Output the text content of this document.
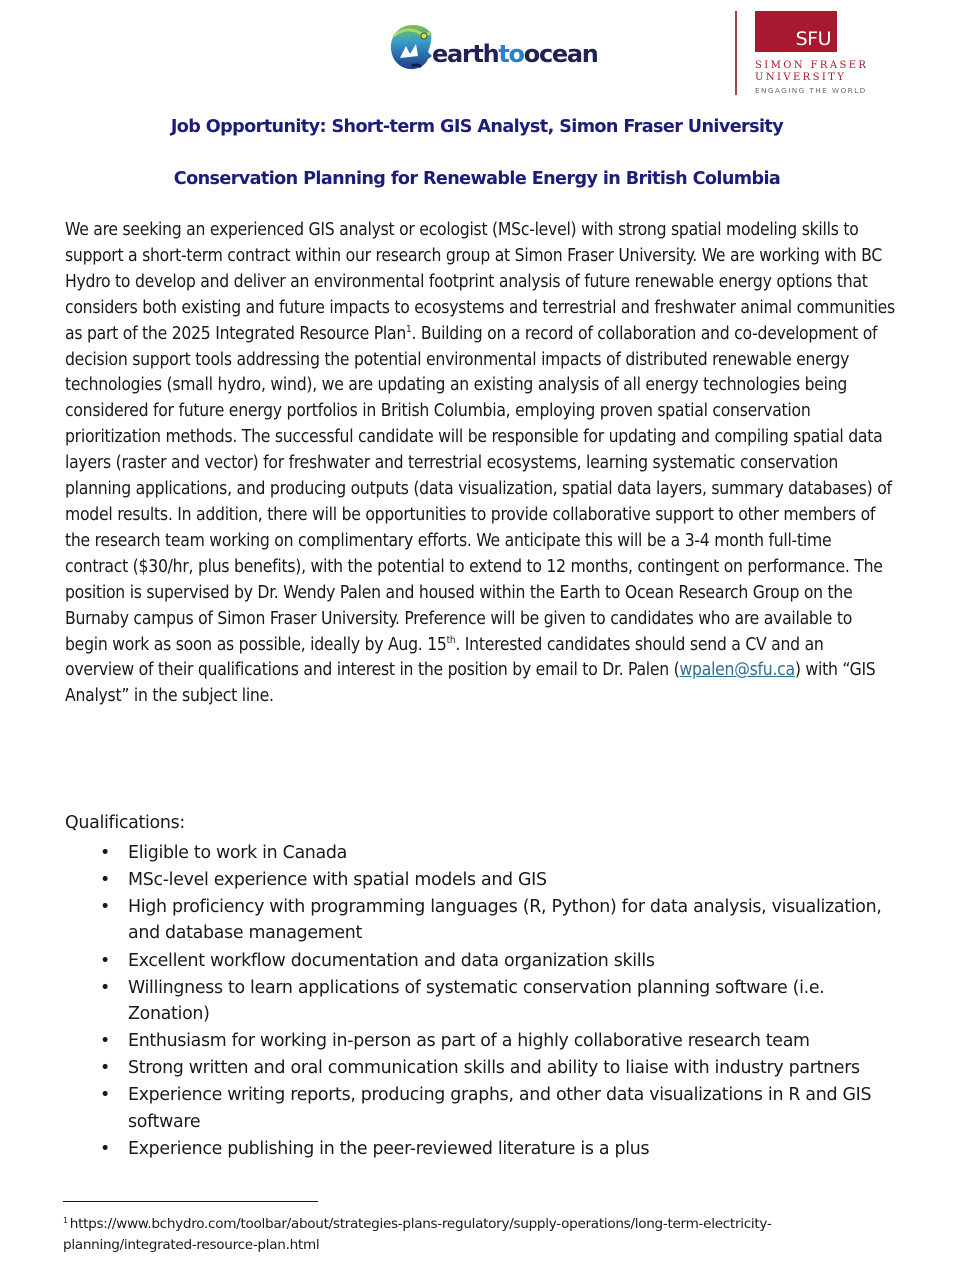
earthtoocean
SFU
SIMON FRASER
UNIVERSITY
ENGAGING THE WORLD
Job Opportunity: Short-term GIS Analyst, Simon Fraser University
Conservation Planning for Renewable Energy in British Columbia

We are seeking an experienced GIS analyst or ecologist (MSc-level) with strong spatial modeling skills to support a short-term contract within our research group at Simon Fraser University. We are working with BC Hydro to develop and deliver an environmental footprint analysis of future renewable energy options that considers both existing and future impacts to ecosystems and terrestrial and freshwater animal communities as part of the 2025 Integrated Resource Plan$^1$. Building on a record of collaboration and co-development of decision support tools addressing the potential environmental impacts of distributed renewable energy technologies (small hydro, wind), we are updating an existing analysis of all energy technologies being considered for future energy portfolios in British Columbia, employing proven spatial conservation prioritization methods. The successful candidate will be responsible for updating and compiling spatial data layers (raster and vector) for freshwater and terrestrial ecosystems, learning systematic conservation planning applications, and producing outputs (data visualization, spatial data layers, summary databases) of model results. In addition, there will be opportunities to provide collaborative support to other members of the research team working on complimentary efforts. We anticipate this will be a 3-4 month full-time contract ($30/hr, plus benefits), with the potential to extend to 12 months, contingent on performance. The position is supervised by Dr. Wendy Palen and housed within the Earth to Ocean Research Group on the Burnaby campus of Simon Fraser University. Preference will be given to candidates who are available to begin work as soon as possible, ideally by Aug. 15th. Interested candidates should send a CV and an overview of their qualifications and interest in the position by email to Dr. Palen (wpalen@sfu.ca) with “GIS Analyst” in the subject line.

Qualifications:
• Eligible to work in Canada
• MSc-level experience with spatial models and GIS
• High proficiency with programming languages (R, Python) for data analysis, visualization, and database management
• Excellent workflow documentation and data organization skills
• Willingness to learn applications of systematic conservation planning software (i.e. Zonation)
• Enthusiasm for working in-person as part of a highly collaborative research team
• Strong written and oral communication skills and ability to liaise with industry partners
• Experience writing reports, producing graphs, and other data visualizations in R and GIS software
• Experience publishing in the peer-reviewed literature is a plus
$^1$ https://www.bchydro.com/toolbar/about/strategies-plans-regulatory/supply-operations/long-term-electricity-planning/integrated-resource-plan.html
